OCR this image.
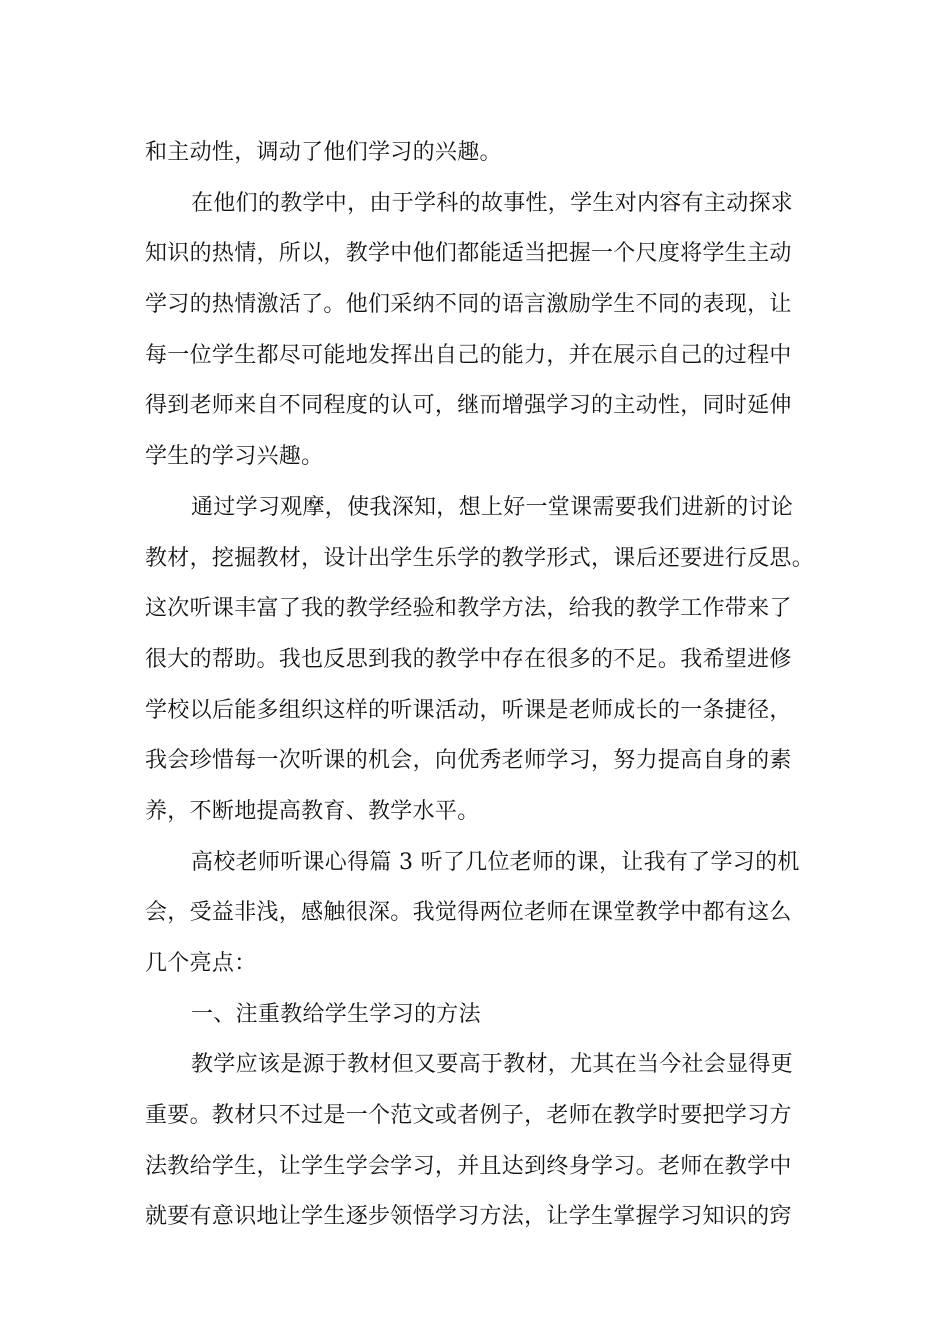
和主动性，调动了他们学习的兴趣。
在他们的教学中，由于学科的故事性，学生对内容有主动探求
知识的热情，所以，教学中他们都能适当把握一个尺度将学生主动
学习的热情激活了。他们采纳不同的语言激励学生不同的表现，让
每一位学生都尽可能地发挥出自己的能力，并在展示自己的过程中
得到老师来自不同程度的认可，继而增强学习的主动性，同时延伸
学生的学习兴趣。
通过学习观摩，使我深知，想上好一堂课需要我们进新的讨论
教材，挖掘教材，设计出学生乐学的教学形式，课后还要进行反思。
这次听课丰富了我的教学经验和教学方法，给我的教学工作带来了
很大的帮助。我也反思到我的教学中存在很多的不足。我希望进修
学校以后能多组织这样的听课活动，听课是老师成长的一条捷径，
我会珍惜每一次听课的机会，向优秀老师学习，努力提高自身的素
养，不断地提高教育、教学水平。
高校老师听课心得篇 3 听了几位老师的课，让我有了学习的机
会，受益非浅，感触很深。我觉得两位老师在课堂教学中都有这么
几个亮点：
一、注重教给学生学习的方法
教学应该是源于教材但又要高于教材，尤其在当今社会显得更
重要。教材只不过是一个范文或者例子，老师在教学时要把学习方
法教给学生，让学生学会学习，并且达到终身学习。老师在教学中
就要有意识地让学生逐步领悟学习方法，让学生掌握学习知识的窍
